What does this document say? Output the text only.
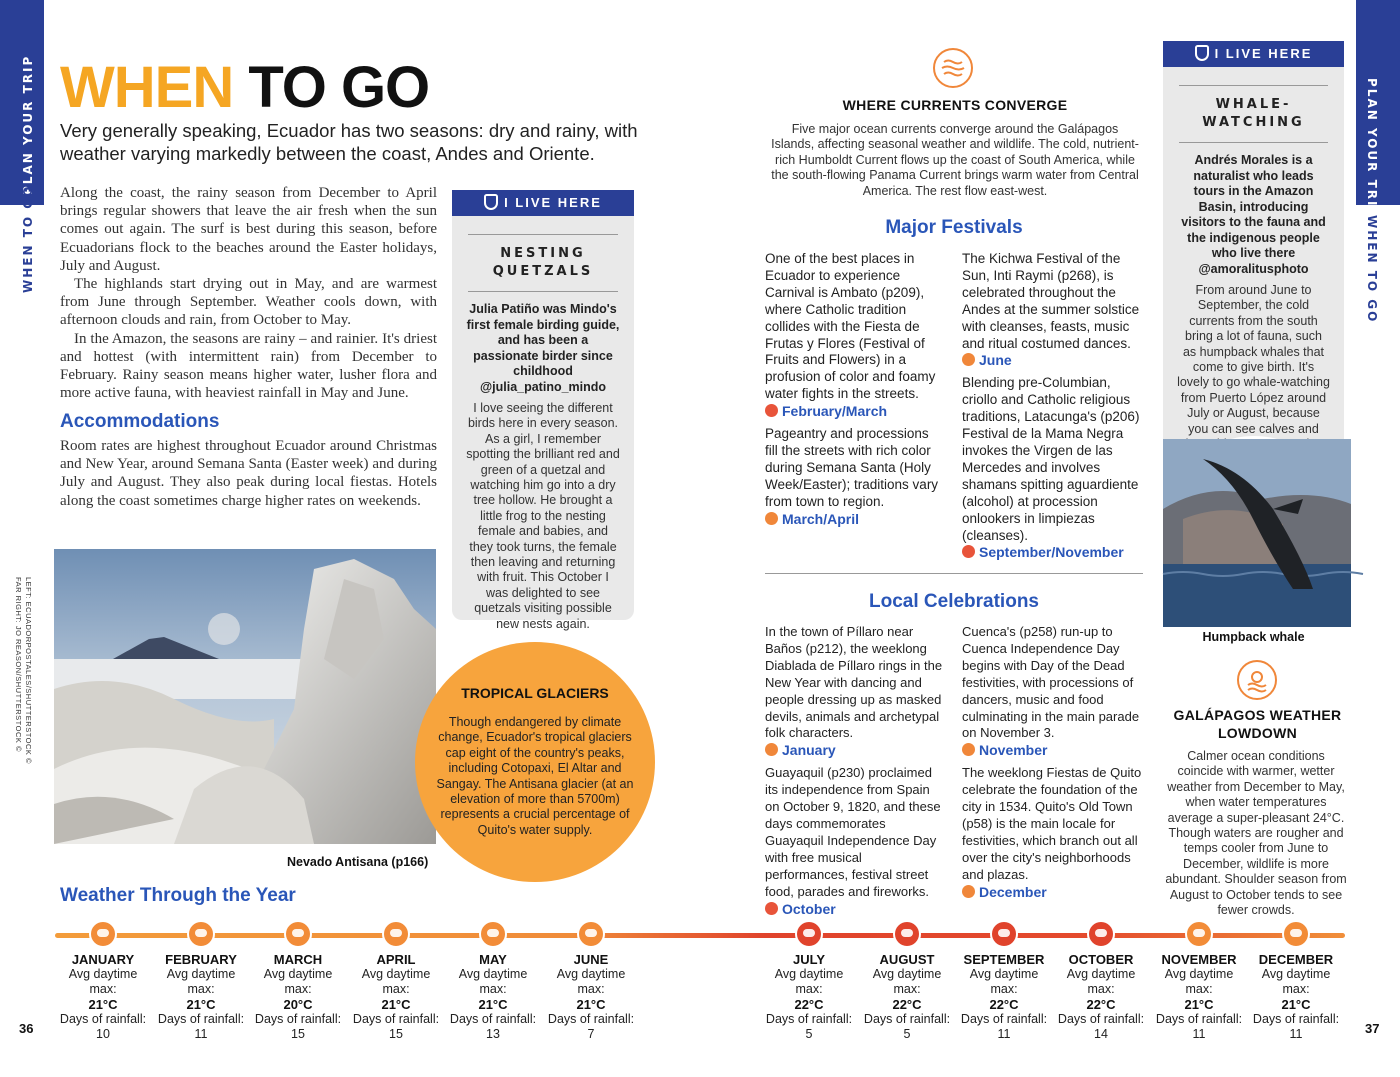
PLAN YOUR TRIP
WHEN TO GO
PLAN YOUR TRIP
WHEN TO GO
WHEN TO GO
Very generally speaking, Ecuador has two seasons: dry and rainy, with weather varying markedly between the coast, Andes and Oriente.

Along the coast, the rainy season from December to April brings regular showers that leave the air fresh when the sun comes out again. The surf is best during this season, before Ecuadorians flock to the beaches around the Easter holidays, July and August.

The highlands start drying out in May, and are warmest from June through September. Weather cools down, with afternoon clouds and rain, from October to May.

In the Amazon, the seasons are rainy – and rainier. It's driest and hottest (with intermittent rain) from December to February. Rainy season means higher water, lusher flora and more active fauna, with heaviest rainfall in May and June.

Accommodations
Room rates are highest throughout Ecuador around Christmas and New Year, around Semana Santa (Easter week) and during July and August. They also peak during local fiestas. Hotels along the coast sometimes charge higher rates on weekends.
I LIVE HERE
NESTING
QUETZALS
Julia Patiño was Mindo's first female birding guide, and has been a passionate birder since childhood @julia_patino_mindo
I love seeing the different birds here in every season. As a girl, I remember spotting the brilliant red and green of a quetzal and watching him go into a dry tree hollow. He brought a little frog to the nesting female and babies, and they took turns, the female then leaving and returning with fruit. This October I was delighted to see quetzals visiting possible new nests again.
LEFT: ECUADORPOSTALES/SHUTTERSTOCK ©
FAR RIGHT: JO REASON/SHUTTERSTOCK ©
Nevado Antisana (p166)
TROPICAL GLACIERS
Though endangered by climate change, Ecuador's tropical glaciers cap eight of the country's peaks, including Cotopaxi, El Altar and Sangay. The Antisana glacier (at an elevation of more than 5700m) represents a crucial percentage of Quito's water supply.
WHERE CURRENTS CONVERGE
Five major ocean currents converge around the Galápagos Islands, affecting seasonal weather and wildlife. The cold, nutrient-rich Humboldt Current flows up the coast of South America, while the south-flowing Panama Current brings warm water from Central America. The rest flow east-west.
Major Festivals

One of the best places in Ecuador to experience Carnival is Ambato (p209), where Catholic tradition collides with the Fiesta de Frutas y Flores (Festival of Fruits and Flowers) in a profusion of color and foamy water fights in the streets.
February/March

Pageantry and processions fill the streets with rich color during Semana Santa (Holy Week/Easter); traditions vary from town to region.
March/April

The Kichwa Festival of the Sun, Inti Raymi (p268), is celebrated throughout the Andes at the summer solstice with cleanses, feasts, music and ritual costumed dances.
June

Blending pre-Columbian, criollo and Catholic religious traditions, Latacunga's (p206) Festival de la Mama Negra invokes the Virgen de las Mercedes and involves shamans spitting aguardiente (alcohol) at procession onlookers in limpiezas (cleanses).
September/November

Local Celebrations

In the town of Píllaro near Baños (p212), the weeklong Diablada de Píllaro rings in the New Year with dancing and people dressing up as masked devils, animals and archetypal folk characters.
January

Guayaquil (p230) proclaimed its independence from Spain on October 9, 1820, and these days commemorates Guayaquil Independence Day with free musical performances, festival street food, parades and fireworks.
October

Cuenca's (p258) run-up to Cuenca Independence Day begins with Day of the Dead festivities, with processions of dancers, music and food culminating in the main parade on November 3.
November

The weeklong Fiestas de Quito celebrate the foundation of the city in 1534. Quito's Old Town (p58) is the main locale for festivities, which branch out all over the city's neighborhoods and plazas.
December

I LIVE HERE
WHALE-
WATCHING
Andrés Morales is a naturalist who leads tours in the Amazon Basin, introducing visitors to the fauna and the indigenous people who live there @amoralitusphoto
From around June to September, the cold currents from the south bring a lot of fauna, such as humpback whales that come to give birth. It's lovely to go whale-watching from Puerto López around July or August, because you can see calves and
Humpback whale
GALÁPAGOS WEATHER
LOWDOWN
Calmer ocean conditions coincide with warmer, wetter weather from December to May, when water temperatures average a super-pleasant 24°C. Though waters are rougher and temps cooler from June to December, wildlife is more abundant. Shoulder season from August to October tends to see fewer crowds.
Weather Through the Year
JANUARY
Avg daytime max:
21°C
Days of rainfall:
10
FEBRUARY
Avg daytime max:
21°C
Days of rainfall:
11
MARCH
Avg daytime max:
20°C
Days of rainfall:
15
APRIL
Avg daytime max:
21°C
Days of rainfall:
15
MAY
Avg daytime max:
21°C
Days of rainfall:
13
JUNE
Avg daytime max:
21°C
Days of rainfall:
7
JULY
Avg daytime max:
22°C
Days of rainfall:
5
AUGUST
Avg daytime max:
22°C
Days of rainfall:
5
SEPTEMBER
Avg daytime max:
22°C
Days of rainfall:
11
OCTOBER
Avg daytime max:
22°C
Days of rainfall:
14
NOVEMBER
Avg daytime max:
21°C
Days of rainfall:
11
DECEMBER
Avg daytime max:
21°C
Days of rainfall:
11
36	37
